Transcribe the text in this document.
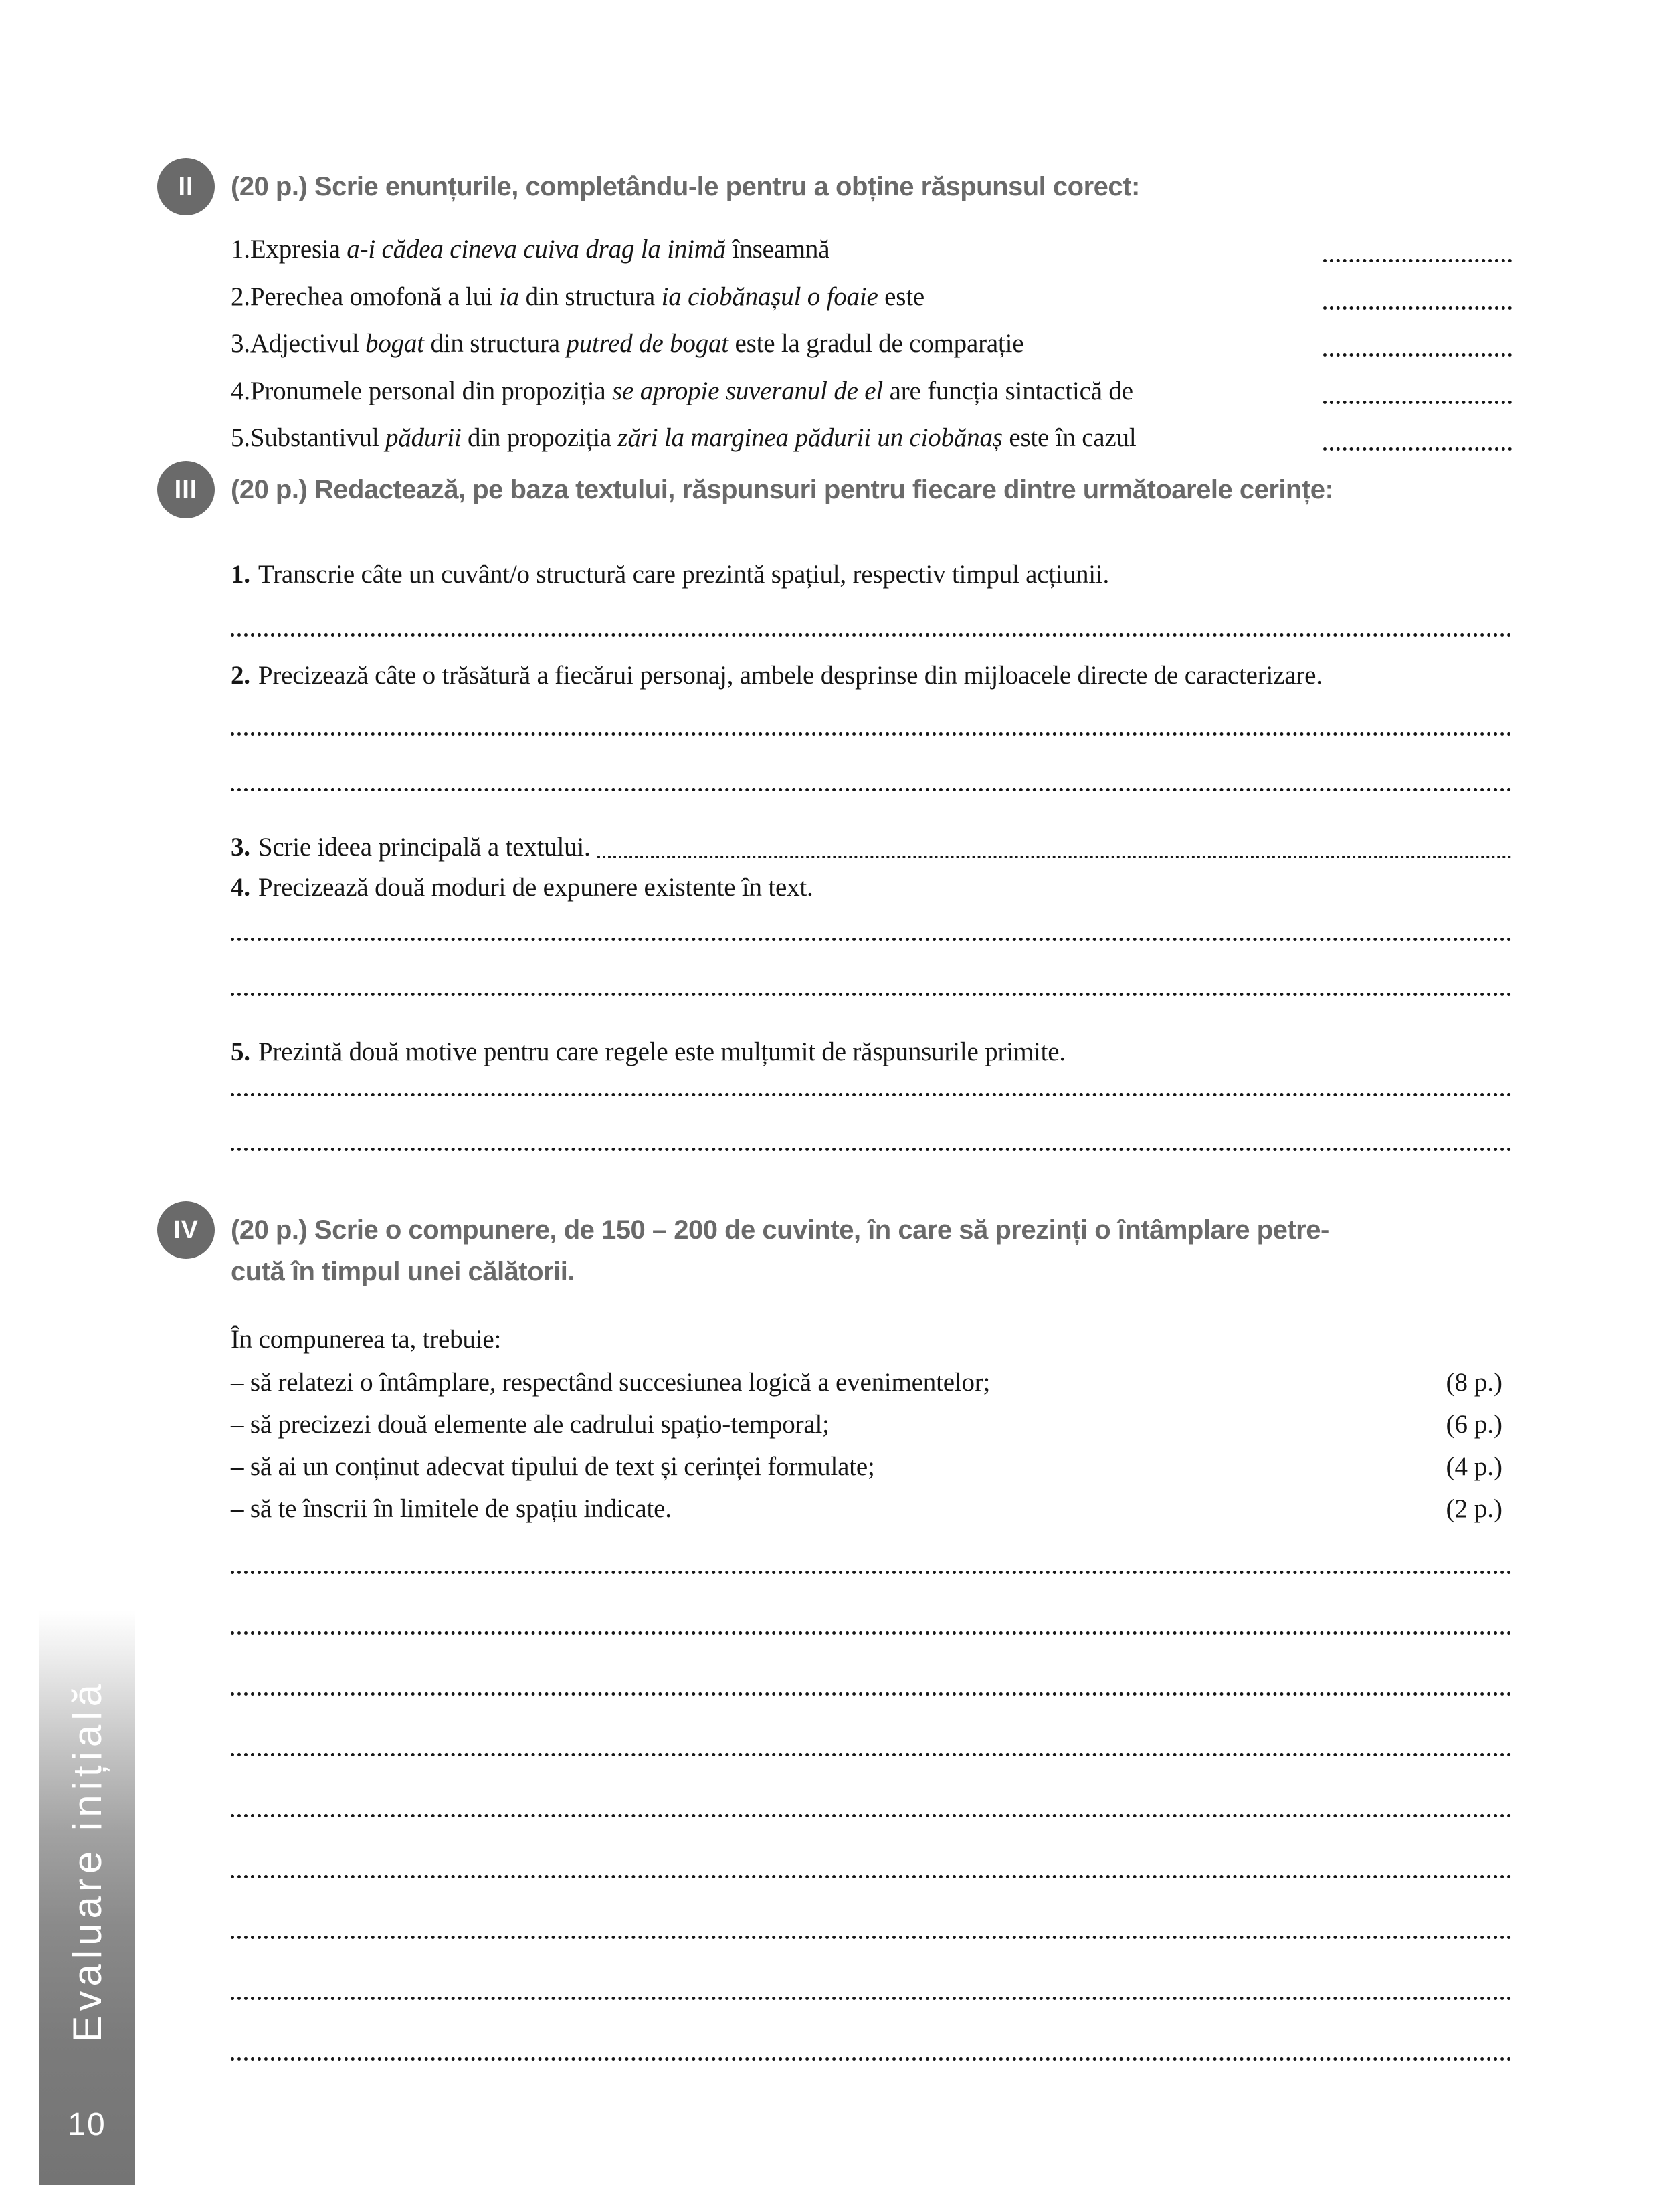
II (20 p.) Scrie enunțurile, completându-le pentru a obține răspunsul corect:
1.Expresia a-i cădea cineva cuiva drag la inimă înseamnă
2.Perechea omofonă a lui ia din structura ia ciobănașul o foaie este
3.Adjectivul bogat din structura putred de bogat este la gradul de comparație
4.Pronumele personal din propoziția se apropie suveranul de el are funcția sintactică de
5.Substantivul pădurii din propoziția zări la marginea pădurii un ciobănaș este în cazul
III (20 p.) Redactează, pe baza textului, răspunsuri pentru fiecare dintre următoarele cerințe:
1. Transcrie câte un cuvânt/o structură care prezintă spațiul, respectiv timpul acțiunii.
2. Precizează câte o trăsătură a fiecărui personaj, ambele desprinse din mijloacele directe de caracterizare.
3. Scrie ideea principală a textului.
4. Precizează două moduri de expunere existente în text.
5. Prezintă două motive pentru care regele este mulțumit de răspunsurile primite.
IV (20 p.) Scrie o compunere, de 150 – 200 de cuvinte, în care să prezinți o întâmplare petre-
cută în timpul unei călătorii.
În compunerea ta, trebuie:
– să relatezi o întâmplare, respectând succesiunea logică a evenimentelor;	(8 p.)
– să precizezi două elemente ale cadrului spațio-temporal;	(6 p.)
– să ai un conținut adecvat tipului de text și cerinței formulate;	(4 p.)
– să te înscrii în limitele de spațiu indicate.	(2 p.)
Evaluare inițială
10
